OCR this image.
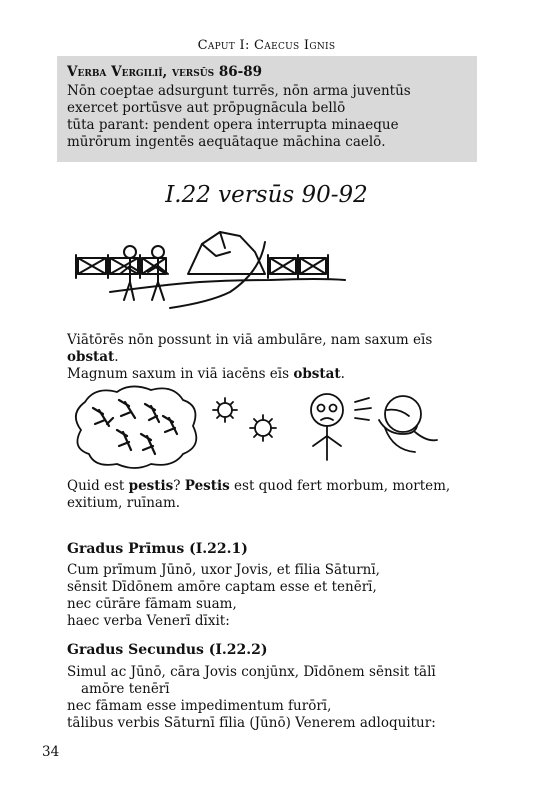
Caput I: Caecus Ignis
Verba Vergiliī, versūs 86-89
Nōn coeptae adsurgunt turrēs, nōn arma juventūs
exercet portūsve aut prōpugnācula bellō
tūta parant: pendent opera interrupta minaeque
mūrōrum ingentēs aequātaque māchina caelō.
I.22 versūs 90-92
Viātōrēs nōn possunt in viā ambulāre, nam saxum eīs obstat.
Magnum saxum in viā iacēns eīs obstat.
Quid est pestis? Pestis est quod fert morbum, mortem,
exitium, ruīnam.
Gradus Prīmus (I.22.1)
Cum prīmum Jūnō, uxor Jovis, et fīlia Sāturnī,
sēnsit Dīdōnem amōre captam esse et tenērī,
nec cūrāre fāmam suam,
haec verba Venerī dīxit:
Gradus Secundus (I.22.2)
Simul ac Jūnō, cāra Jovis conjūnx, Dīdōnem sēnsit tālī
amōre tenērī
nec fāmam esse impedimentum furōrī,
tālibus verbis Sāturnī fīlia (Jūnō) Venerem adloquitur:
34
